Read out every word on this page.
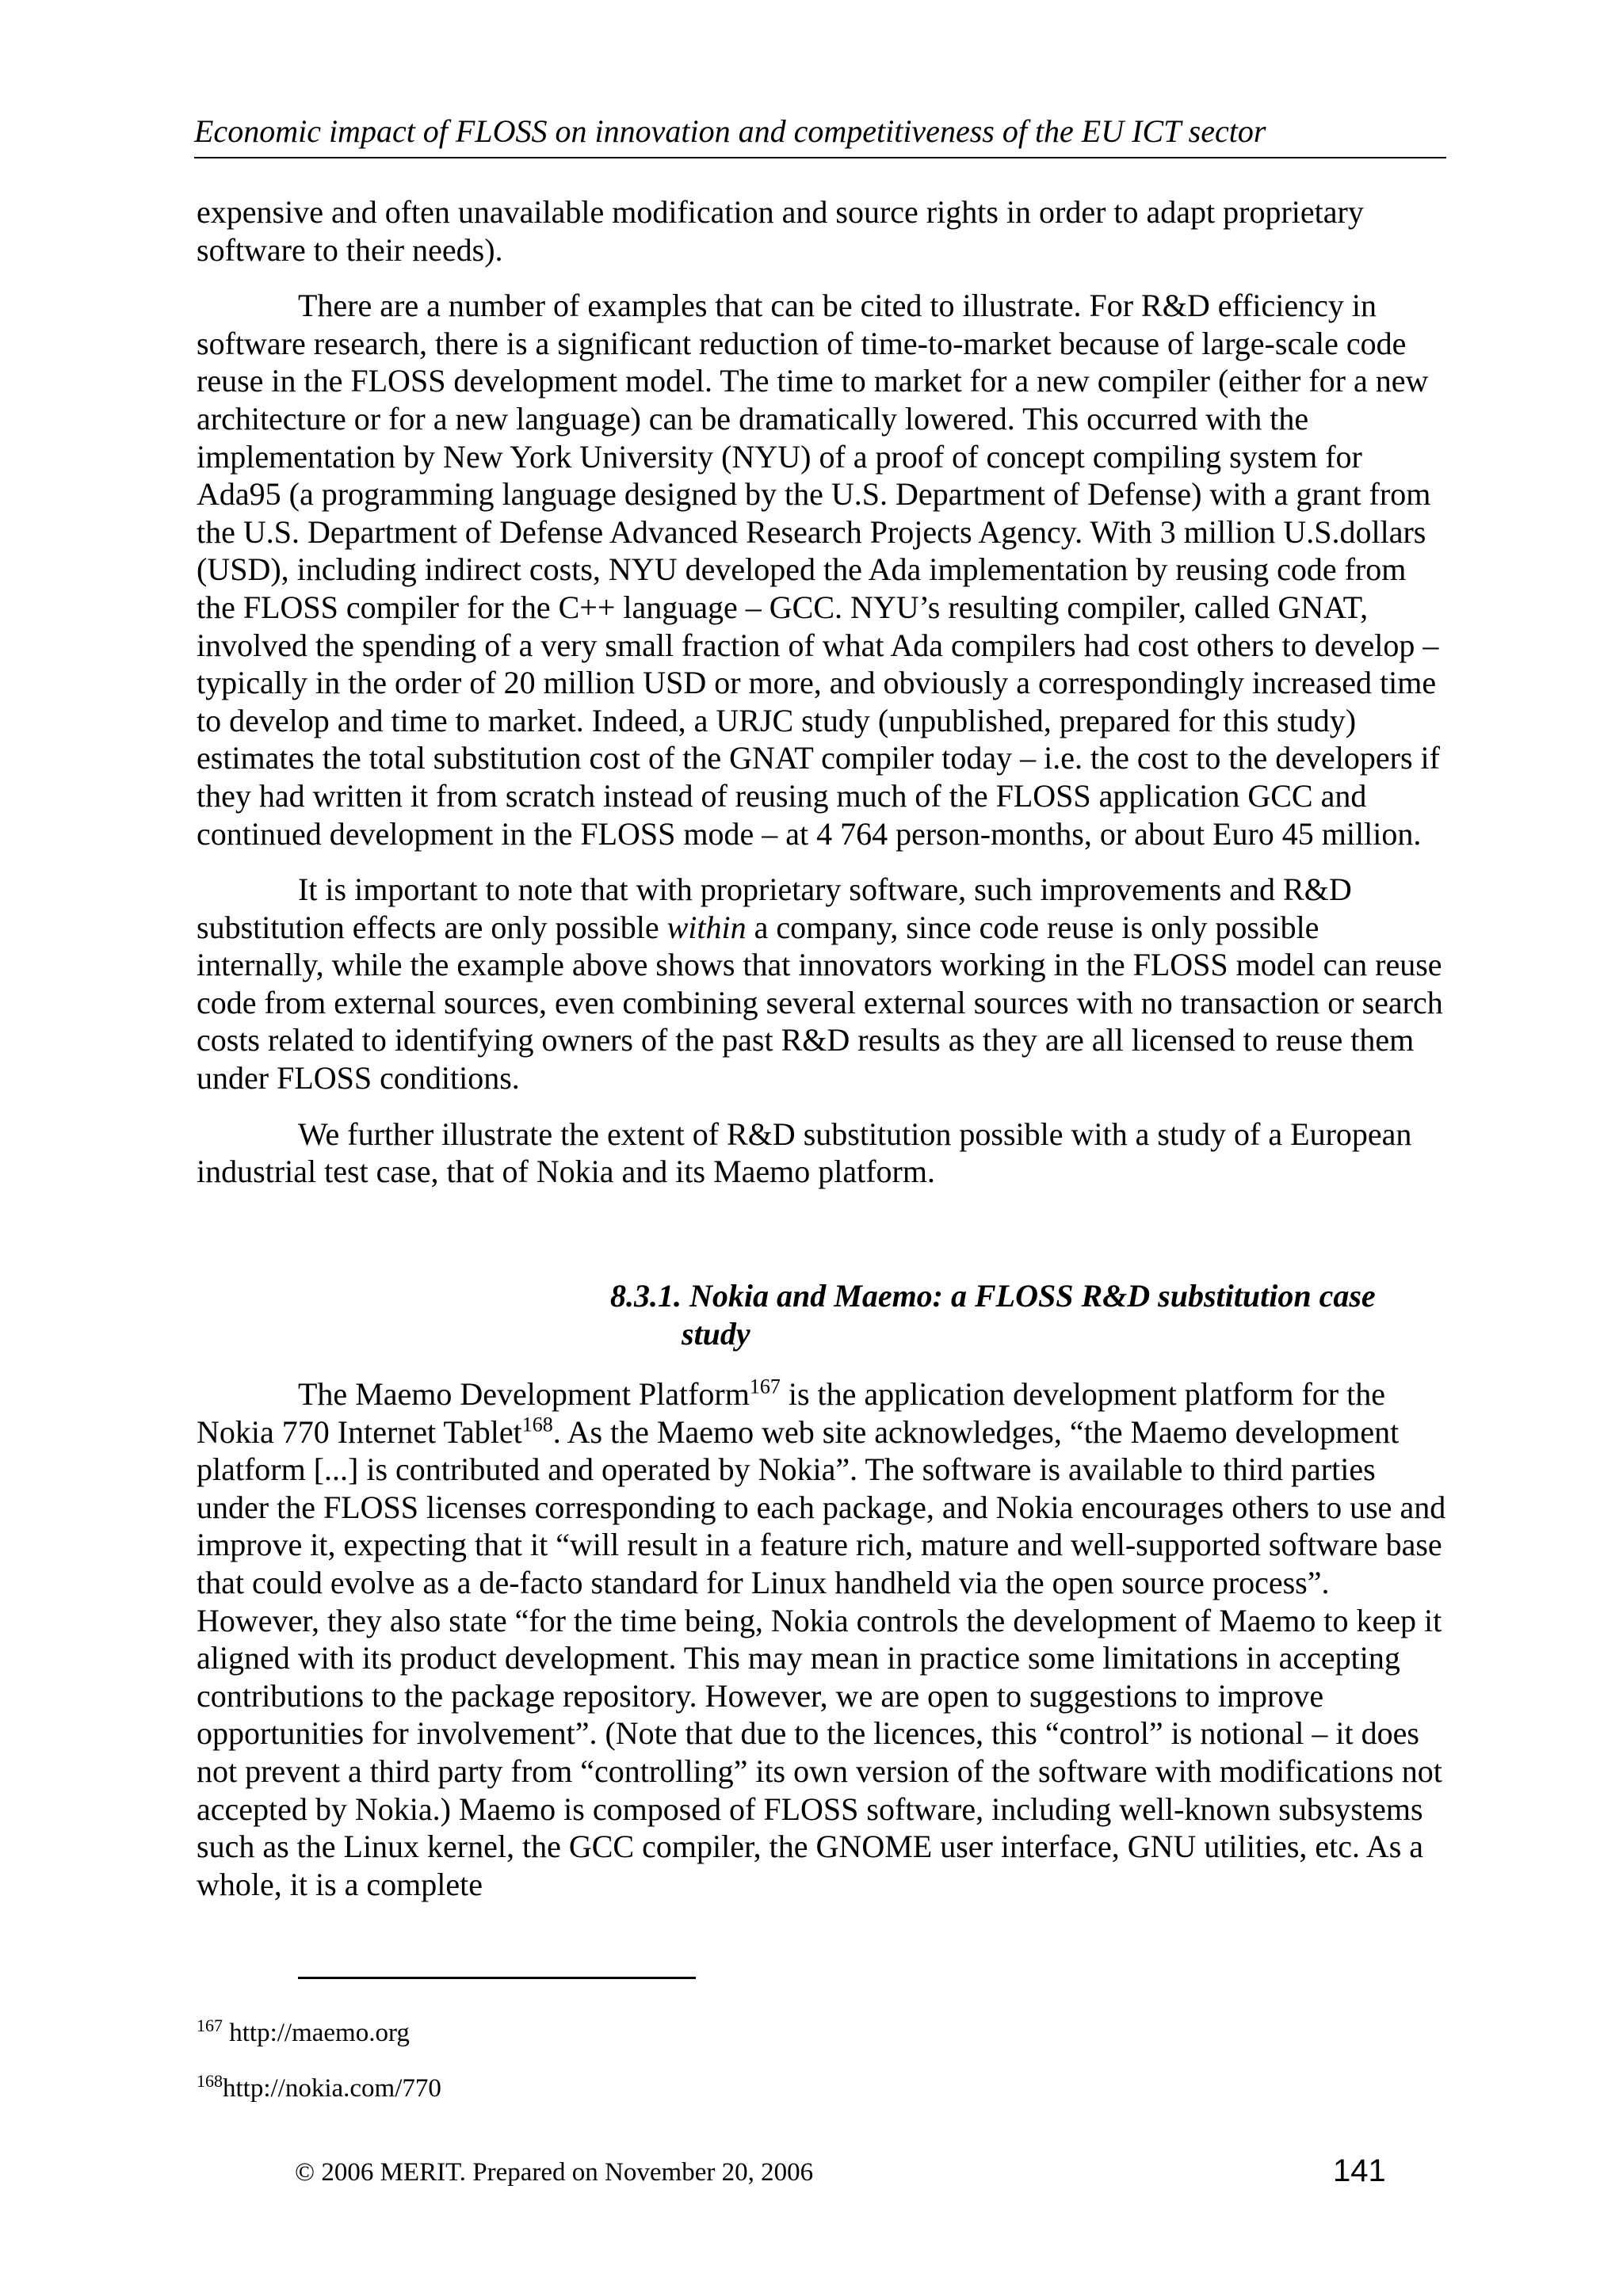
Economic impact of FLOSS on innovation and competitiveness of the EU ICT sector

expensive and often unavailable modification and source rights in order to adapt proprietary software to their needs).

There are a number of examples that can be cited to illustrate. For R&D efficiency in software research, there is a significant reduction of time-to-market because of large-scale code reuse in the FLOSS development model. The time to market for a new compiler (either for a new architecture or for a new language) can be dramatically lowered. This occurred with the implementation by New York University (NYU) of a proof of concept compiling system for Ada95 (a programming language designed by the U.S. Department of Defense) with a grant from the U.S. Department of Defense Advanced Research Projects Agency. With 3 million U.S.dollars (USD), including indirect costs, NYU developed the Ada implementation by reusing code from the FLOSS compiler for the C++ language – GCC. NYU’s resulting compiler, called GNAT, involved the spending of a very small fraction of what Ada compilers had cost others to develop – typically in the order of 20 million USD or more, and obviously a correspondingly increased time to develop and time to market. Indeed, a URJC study (unpublished, prepared for this study) estimates the total substitution cost of the GNAT compiler today – i.e. the cost to the developers if they had written it from scratch instead of reusing much of the FLOSS application GCC and continued development in the FLOSS mode – at 4 764 person-months, or about Euro 45 million.

It is important to note that with proprietary software, such improvements and R&D substitution effects are only possible within a company, since code reuse is only possible internally, while the example above shows that innovators working in the FLOSS model can reuse code from external sources, even combining several external sources with no transaction or search costs related to identifying owners of the past R&D results as they are all licensed to reuse them under FLOSS conditions.

We further illustrate the extent of R&D substitution possible with a study of a European industrial test case, that of Nokia and its Maemo platform.

8.3.1. Nokia and Maemo: a FLOSS R&D substitution case
study

The Maemo Development Platform$^{167}$ is the application development platform for the Nokia 770 Internet Tablet$^{168}$. As the Maemo web site acknowledges, “the Maemo development platform [...] is contributed and operated by Nokia”. The software is available to third parties under the FLOSS licenses corresponding to each package, and Nokia encourages others to use and improve it, expecting that it “will result in a feature rich, mature and well-supported software base that could evolve as a de-facto standard for Linux handheld via the open source process”. However, they also state “for the time being, Nokia controls the development of Maemo to keep it aligned with its product development. This may mean in practice some limitations in accepting contributions to the package repository. However, we are open to suggestions to improve opportunities for involvement”. (Note that due to the licences, this “control” is notional – it does not prevent a third party from “controlling” its own version of the software with modifications not accepted by Nokia.) Maemo is composed of FLOSS software, including well-known subsystems such as the Linux kernel, the GCC compiler, the GNOME user interface, GNU utilities, etc. As a whole, it is a complete

$^{167}$ http://maemo.org
$^{168}$http://nokia.com/770
© 2006 MERIT. Prepared on November 20, 2006	141
